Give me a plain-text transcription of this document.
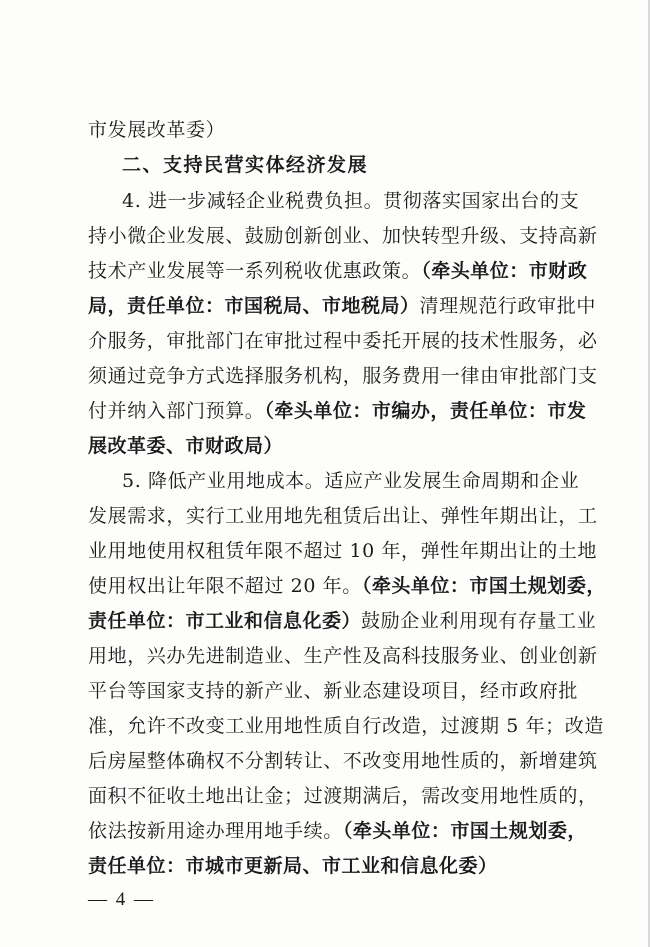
市发展改革委）
二、支持民营实体经济发展
4. 进一步减轻企业税费负担。贯彻落实国家出台的支
持小微企业发展、鼓励创新创业、加快转型升级、支持高新
技术产业发展等一系列税收优惠政策。（牵头单位：市财政
局，责任单位：市国税局、市地税局）清理规范行政审批中
介服务，审批部门在审批过程中委托开展的技术性服务，必
须通过竞争方式选择服务机构，服务费用一律由审批部门支
付并纳入部门预算。（牵头单位：市编办，责任单位：市发
展改革委、市财政局）
5. 降低产业用地成本。适应产业发展生命周期和企业
发展需求，实行工业用地先租赁后出让、弹性年期出让，工
业用地使用权租赁年限不超过 10 年，弹性年期出让的土地
使用权出让年限不超过 20 年。（牵头单位：市国土规划委，
责任单位：市工业和信息化委）鼓励企业利用现有存量工业
用地，兴办先进制造业、生产性及高科技服务业、创业创新
平台等国家支持的新产业、新业态建设项目，经市政府批
准，允许不改变工业用地性质自行改造，过渡期 5 年；改造
后房屋整体确权不分割转让、不改变用地性质的，新增建筑
面积不征收土地出让金；过渡期满后，需改变用地性质的，
依法按新用途办理用地手续。（牵头单位：市国土规划委，
责任单位：市城市更新局、市工业和信息化委）
— 4 —
